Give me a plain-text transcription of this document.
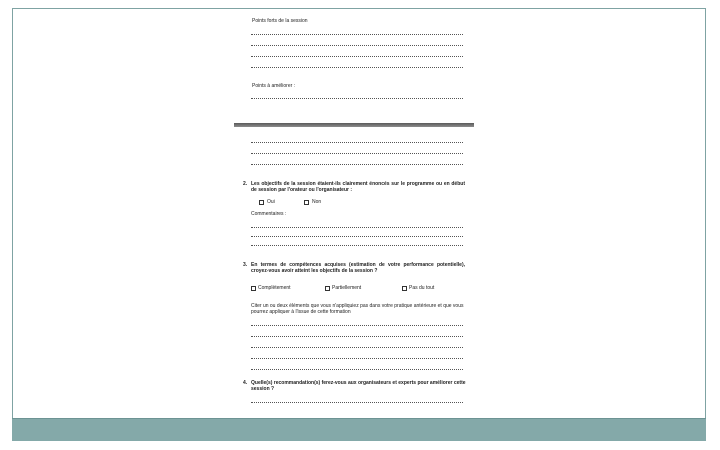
Points forts de la session
Points à améliorer :
2. Les objectifs de la session étaient-ils clairement énoncés sur le programme ou en début de session par l'orateur ou l'organisateur :
Oui	Non
Commentaires :
3. En termes de compétences acquises (estimation de votre performance potentielle), croyez-vous avoir atteint les objectifs de la session ?
Complètement	Partiellement	Pas du tout
Citer un ou deux éléments que vous n'appliquiez pas dans votre pratique antérieure et que vous pourrez appliquer à l'issue de cette formation
4. Quelle(s) recommandation(s) ferez-vous aux organisateurs et experts pour améliorer cette session ?
